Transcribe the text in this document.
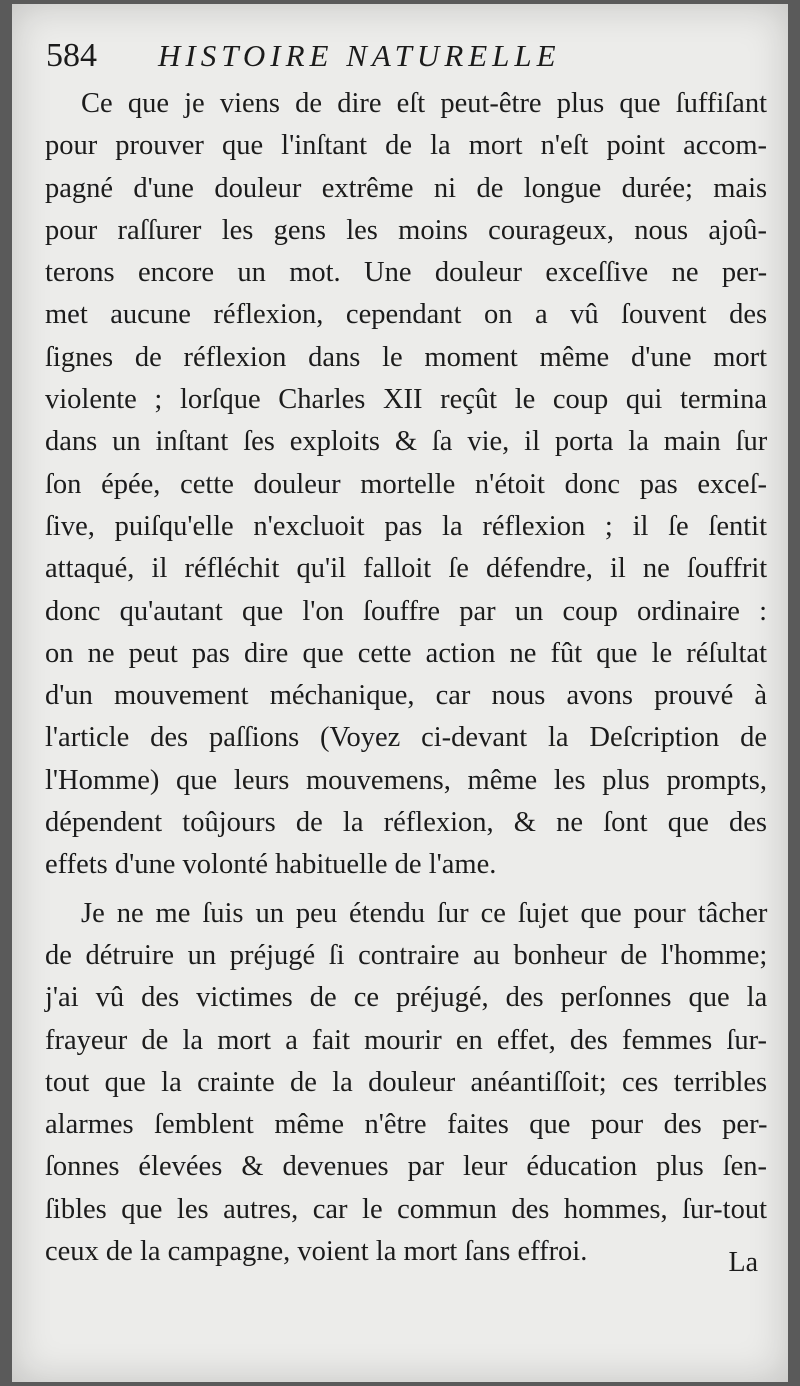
584 HISTOIRE NATURELLE
Ce que je viens de dire eſt peut-être plus que ſuffiſant
pour prouver que l'inſtant de la mort n'eſt point accom-
pagné d'une douleur extrême ni de longue durée; mais
pour raſſurer les gens les moins courageux, nous ajoû-
terons encore un mot. Une douleur exceſſive ne per-
met aucune réflexion, cependant on a vû ſouvent des
ſignes de réflexion dans le moment même d'une mort
violente ; lorſque Charles XII reçût le coup qui termina
dans un inſtant ſes exploits & ſa vie, il porta la main ſur
ſon épée, cette douleur mortelle n'étoit donc pas exceſ-
ſive, puiſqu'elle n'excluoit pas la réflexion ; il ſe ſentit
attaqué, il réfléchit qu'il falloit ſe défendre, il ne ſouffrit
donc qu'autant que l'on ſouffre par un coup ordinaire :
on ne peut pas dire que cette action ne fût que le réſultat
d'un mouvement méchanique, car nous avons prouvé à
l'article des paſſions (Voyez ci-devant la Deſcription de
l'Homme) que leurs mouvemens, même les plus prompts,
dépendent toûjours de la réflexion, & ne ſont que des
effets d'une volonté habituelle de l'ame.
Je ne me ſuis un peu étendu ſur ce ſujet que pour tâcher
de détruire un préjugé ſi contraire au bonheur de l'homme;
j'ai vû des victimes de ce préjugé, des perſonnes que la
frayeur de la mort a fait mourir en effet, des femmes ſur-
tout que la crainte de la douleur anéantiſſoit; ces terribles
alarmes ſemblent même n'être faites que pour des per-
ſonnes élevées & devenues par leur éducation plus ſen-
ſibles que les autres, car le commun des hommes, ſur-tout
ceux de la campagne, voient la mort ſans effroi.	La
